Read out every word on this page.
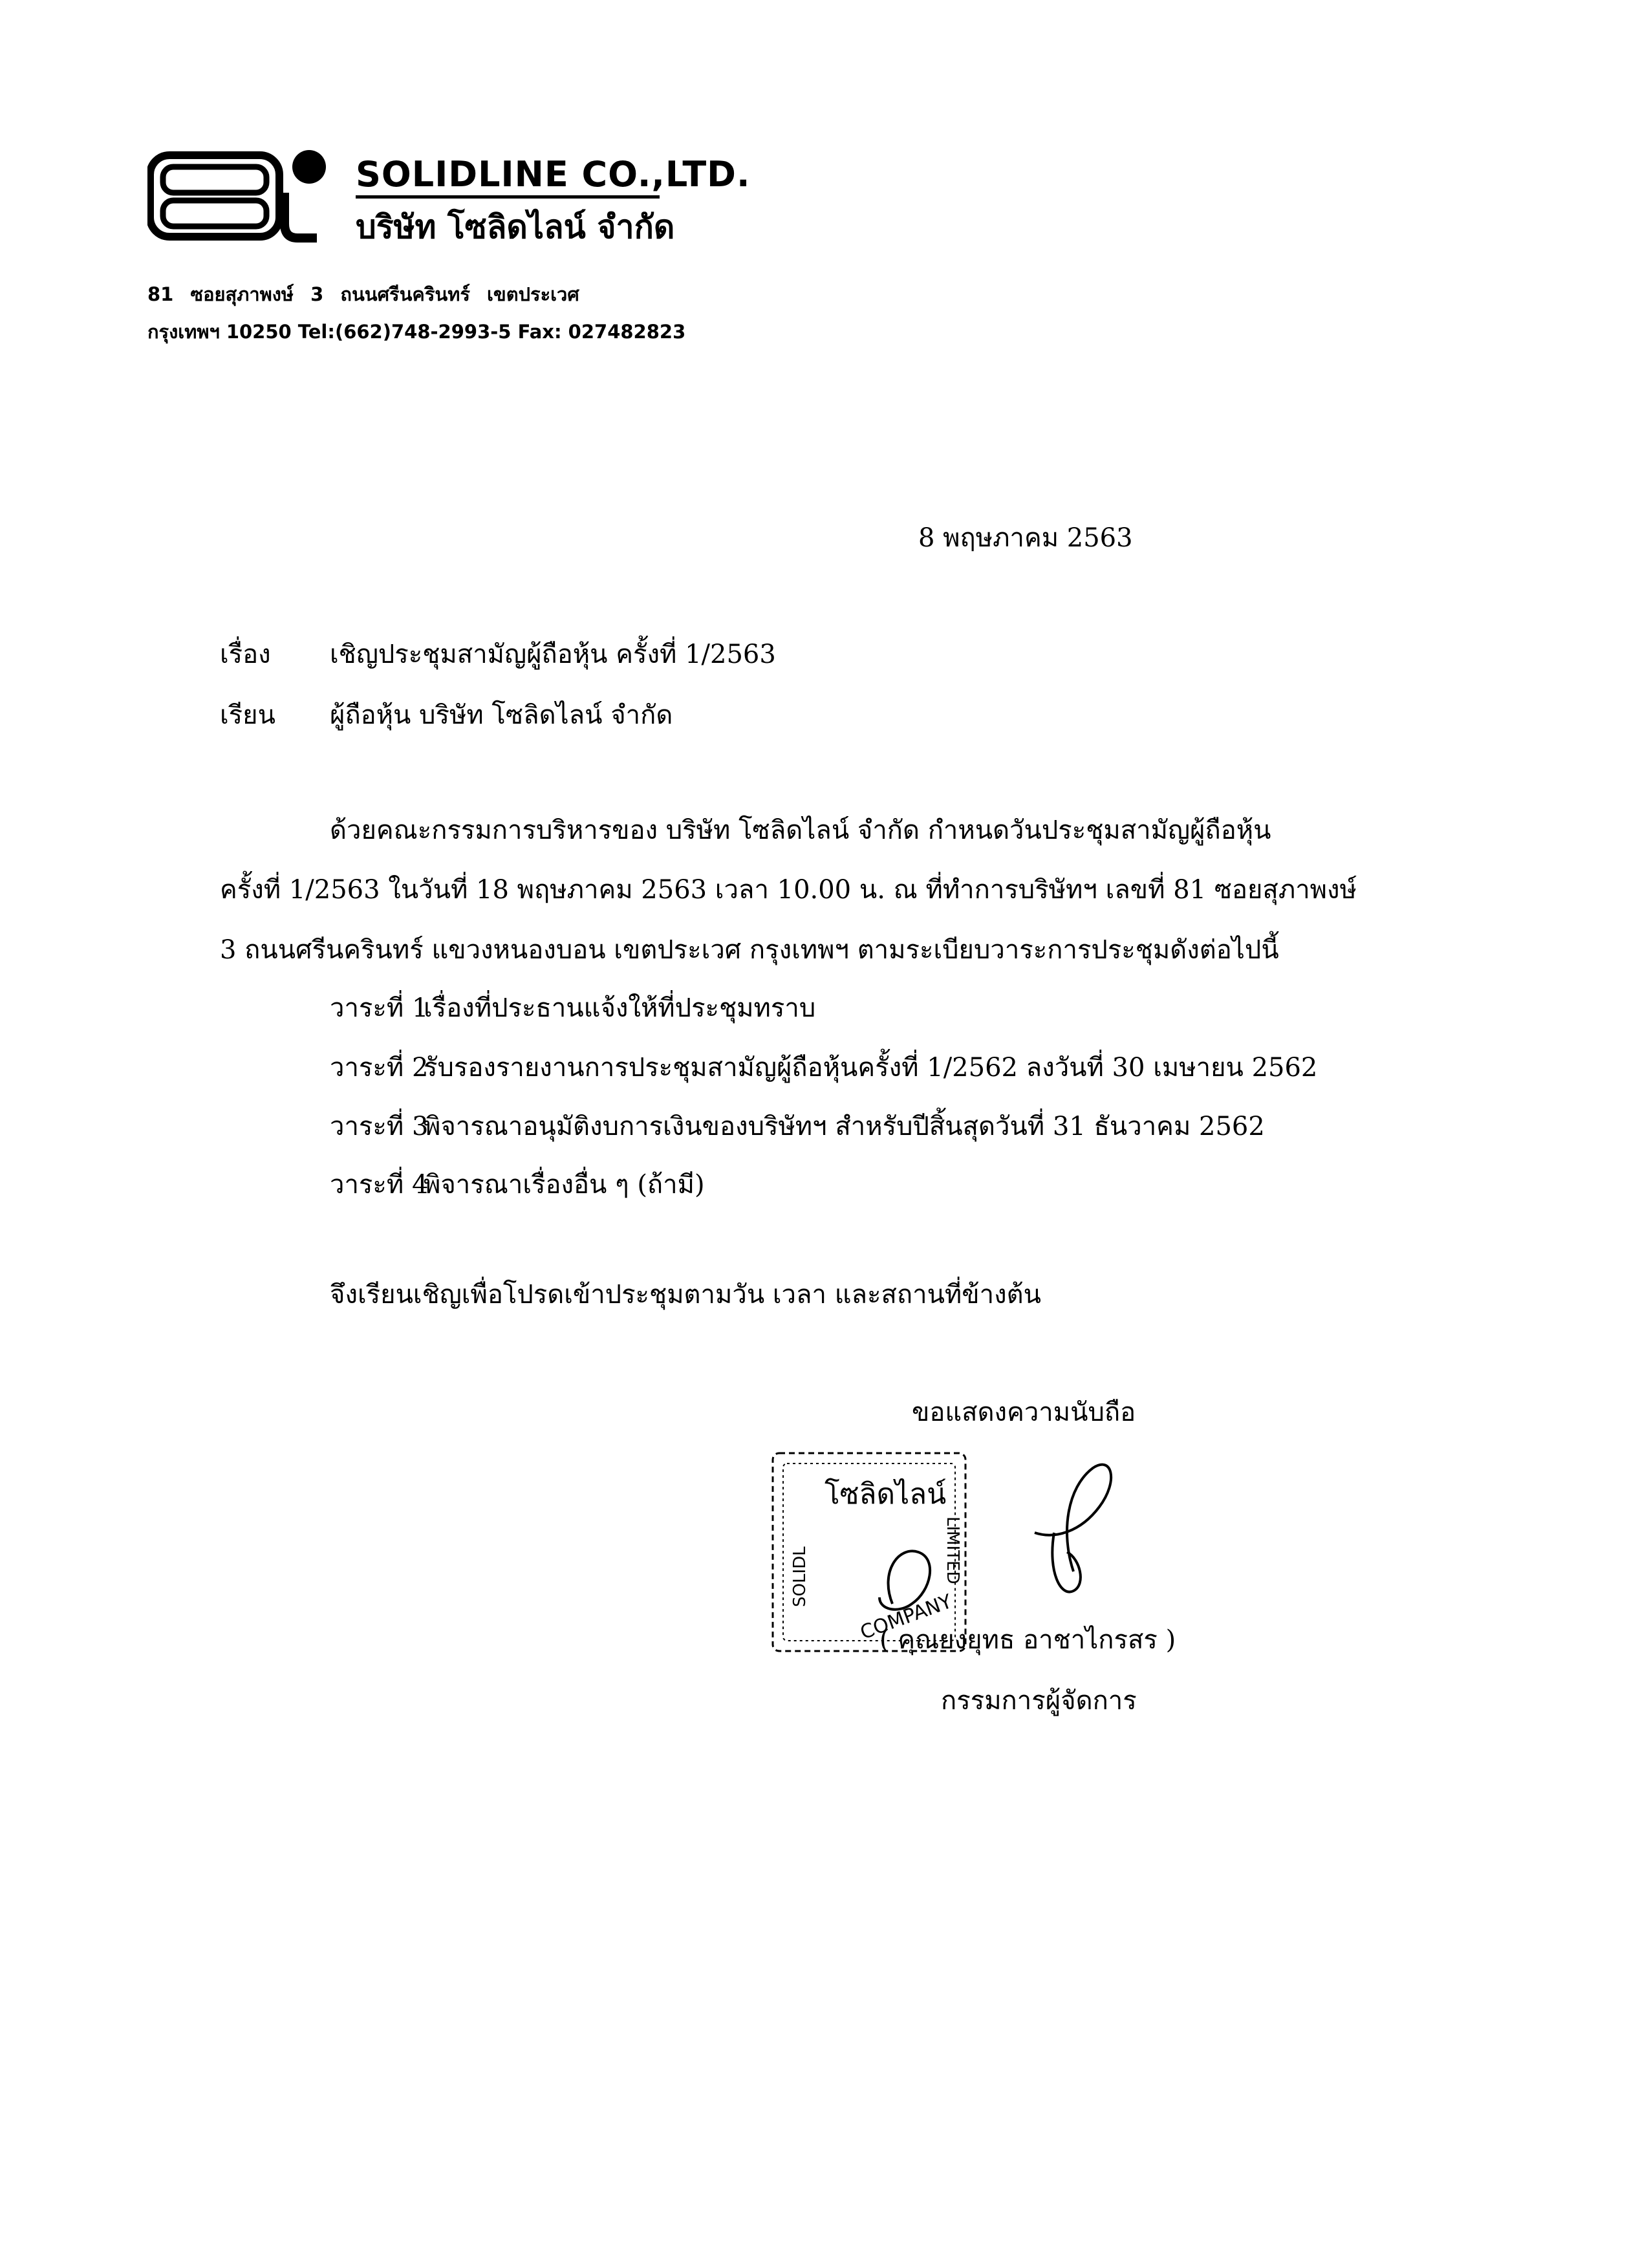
SOLIDLINE CO.,LTD.
บริษัท โซลิดไลน์ จำกัด
81 ซอยสุภาพงษ์ 3 ถนนศรีนครินทร์ เขตประเวศ
กรุงเทพฯ 10250 Tel:(662)748-2993-5 Fax: 027482823
8 พฤษภาคม 2563
เรื่อง เชิญประชุมสามัญผู้ถือหุ้น ครั้งที่ 1/2563
เรียน ผู้ถือหุ้น บริษัท โซลิดไลน์ จำกัด
ด้วยคณะกรรมการบริหารของ บริษัท โซลิดไลน์ จำกัด กำหนดวันประชุมสามัญผู้ถือหุ้น
ครั้งที่ 1/2563 ในวันที่ 18 พฤษภาคม 2563 เวลา 10.00 น. ณ ที่ทำการบริษัทฯ เลขที่ 81 ซอยสุภาพงษ์
3 ถนนศรีนครินทร์ แขวงหนองบอน เขตประเวศ กรุงเทพฯ ตามระเบียบวาระการประชุมดังต่อไปนี้
วาระที่ 1เรื่องที่ประธานแจ้งให้ที่ประชุมทราบ
วาระที่ 2รับรองรายงานการประชุมสามัญผู้ถือหุ้นครั้งที่ 1/2562 ลงวันที่ 30 เมษายน 2562
วาระที่ 3พิจารณาอนุมัติงบการเงินของบริษัทฯ สำหรับปีสิ้นสุดวันที่ 31 ธันวาคม 2562
วาระที่ 4พิจารณาเรื่องอื่น ๆ (ถ้ามี)
จึงเรียนเชิญเพื่อโปรดเข้าประชุมตามวัน เวลา และสถานที่ข้างต้น
ขอแสดงความนับถือ
โซลิดไลน์
COMPANY
LIMITED
SOLIDL
( คุณยงยุทธ อาชาไกรสร )
กรรมการผู้จัดการ
